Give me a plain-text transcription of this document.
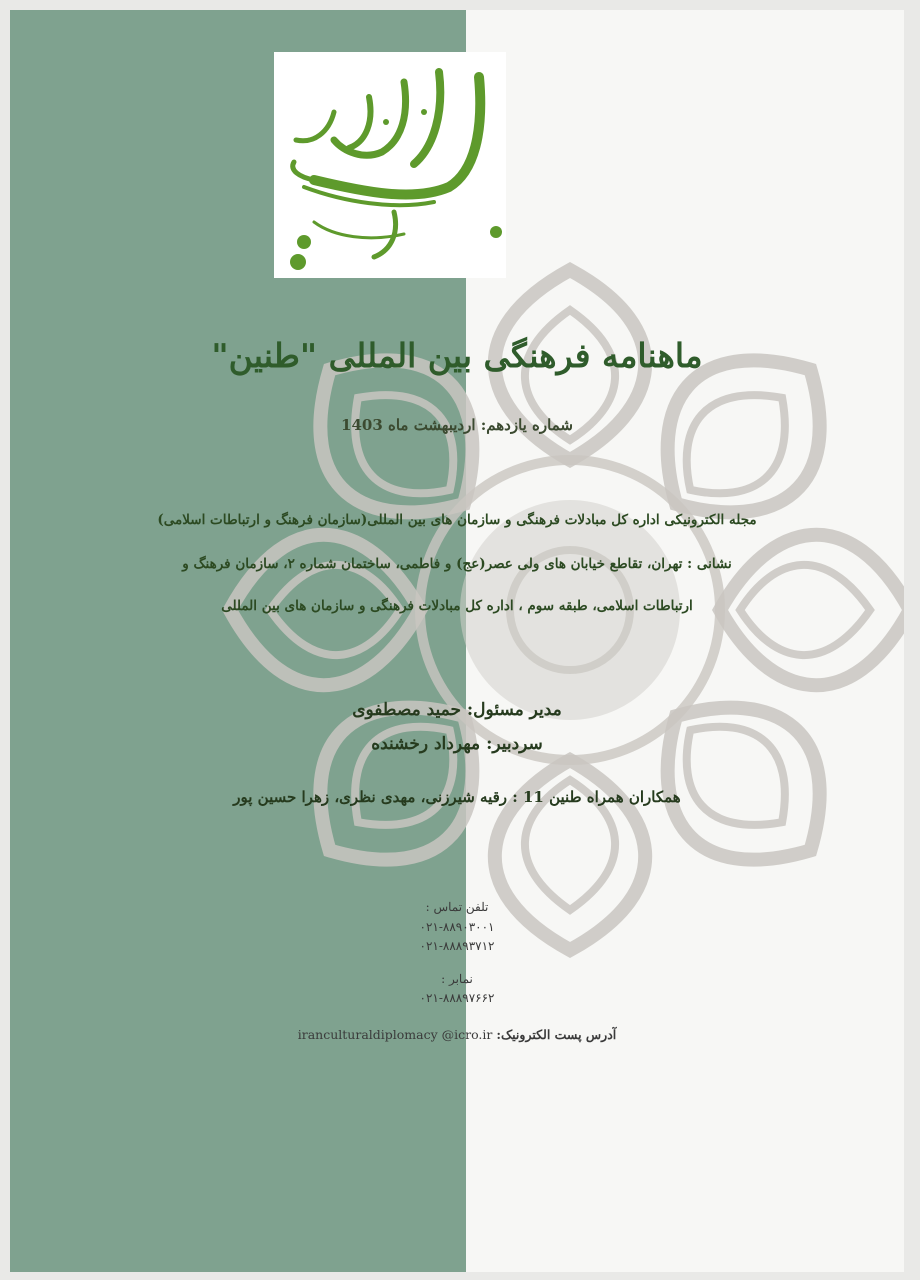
ماهنامه فرهنگی بین المللی "طنین"
شماره یازدهم: اردیبهشت ماه 1403
مجله الکترونیکی اداره کل مبادلات فرهنگی و سازمان های بین المللی(سازمان فرهنگ و ارتباطات اسلامی)
نشانی : تهران، تقاطع خیابان های ولی عصر(عج) و فاطمی، ساختمان شماره ۲، سازمان فرهنگ و
ارتباطات اسلامی، طبقه سوم ، اداره کل مبادلات فرهنگی و سازمان های بین المللی
مدیر مسئول: حمید مصطفوی
سردبیر: مهرداد رخشنده
همکاران همراه طنین 11 : رقیه شیرزنی، مهدی نظری، زهرا حسین پور
تلفن تماس :
۰۲۱-۸۸۹۰۳۰۰۱
۰۲۱-۸۸۸۹۳۷۱۲
نمابر :
۰۲۱-۸۸۸۹۷۶۶۲
آدرس پست الکترونیک: iranculturaldiplomacy @icro.ir
